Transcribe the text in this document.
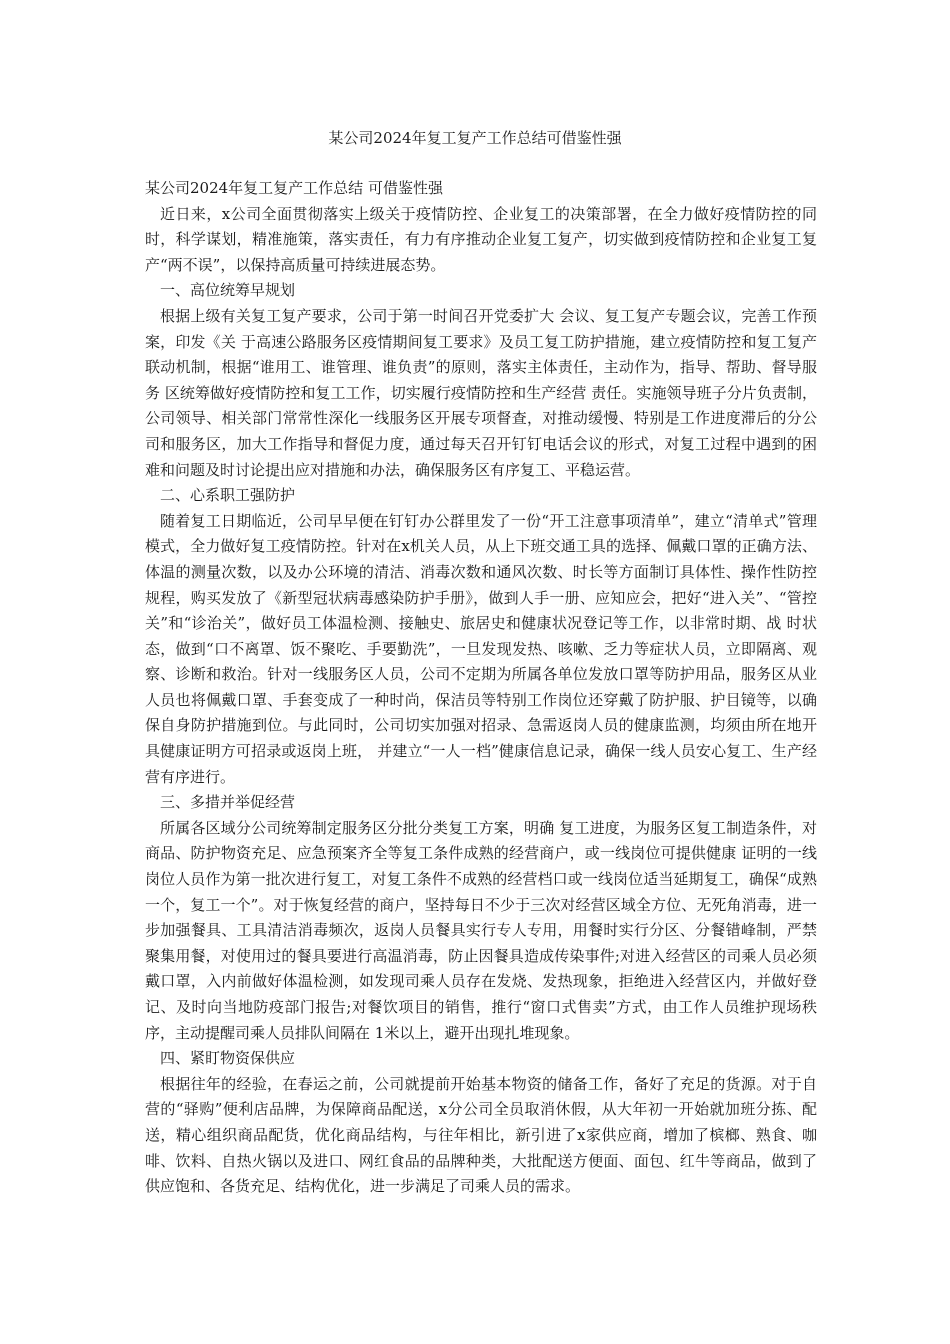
某公司2024年复工复产工作总结可借鉴性强

某公司2024年复工复产工作总结 可借鉴性强

近日来，x公司全面贯彻落实上级关于疫情防控、企业复工的决策部署，在全力做好疫情防控的同时，科学谋划，精准施策，落实责任，有力有序推动企业复工复产，切实做到疫情防控和企业复工复产“两不误”，以保持高质量可持续进展态势。

一、高位统筹早规划

根据上级有关复工复产要求，公司于第一时间召开党委扩大 会议、复工复产专题会议，完善工作预案，印发《关 于高速公路服务区疫情期间复工要求》及员工复工防护措施，建立疫情防控和复工复产联动机制，根据“谁用工、谁管理、谁负责”的原则，落实主体责任，主动作为，指导、帮助、督导服务 区统筹做好疫情防控和复工工作，切实履行疫情防控和生产经营 责任。实施领导班子分片负责制，公司领导、相关部门常常性深化一线服务区开展专项督查，对推动缓慢、特别是工作进度滞后的分公司和服务区，加大工作指导和督促力度，通过每天召开钉钉电话会议的形式，对复工过程中遇到的困难和问题及时讨论提出应对措施和办法，确保服务区有序复工、平稳运营。

二、心系职工强防护

随着复工日期临近，公司早早便在钉钉办公群里发了一份“开工注意事项清单”，建立“清单式”管理模式，全力做好复工疫情防控。针对在x机关人员，从上下班交通工具的选择、佩戴口罩的正确方法、体温的测量次数，以及办公环境的清洁、消毒次数和通风次数、时长等方面制订具体性、操作性防控规程，购买发放了《新型冠状病毒感染防护手册》，做到人手一册、应知应会，把好“进入关”、“管控关”和“诊治关”，做好员工体温检测、接触史、旅居史和健康状况登记等工作，以非常时期、战 时状态，做到“口不离罩、饭不聚吃、手要勤洗”，一旦发现发热、咳嗽、乏力等症状人员，立即隔离、观察、诊断和救治。针对一线服务区人员，公司不定期为所属各单位发放口罩等防护用品，服务区从业人员也将佩戴口罩、手套变成了一种时尚，保洁员等特别工作岗位还穿戴了防护服、护目镜等，以确保自身防护措施到位。与此同时，公司切实加强对招录、急需返岗人员的健康监测，均须由所在地开具健康证明方可招录或返岗上班， 并建立“一人一档”健康信息记录，确保一线人员安心复工、生产经营有序进行。

三、多措并举促经营

所属各区域分公司统筹制定服务区分批分类复工方案，明确 复工进度，为服务区复工制造条件，对商品、防护物资充足、应急预案齐全等复工条件成熟的经营商户，或一线岗位可提供健康 证明的一线岗位人员作为第一批次进行复工，对复工条件不成熟的经营档口或一线岗位适当延期复工，确保“成熟一个，复工一个”。对于恢复经营的商户，坚持每日不少于三次对经营区域全方位、无死角消毒，进一步加强餐具、工具清洁消毒频次，返岗人员餐具实行专人专用，用餐时实行分区、分餐错峰制，严禁聚集用餐，对使用过的餐具要进行高温消毒，防止因餐具造成传染事件;对进入经营区的司乘人员必须戴口罩，入内前做好体温检测，如发现司乘人员存在发烧、发热现象，拒绝进入经营区内，并做好登记、及时向当地防疫部门报告;对餐饮项目的销售，推行“窗口式售卖”方式，由工作人员维护现场秩序，主动提醒司乘人员排队间隔在 1米以上，避开出现扎堆现象。

四、紧盯物资保供应

根据往年的经验，在春运之前，公司就提前开始基本物资的储备工作，备好了充足的货源。对于自营的“驿购”便利店品牌，为保障商品配送，x分公司全员取消休假，从大年初一开始就加班分拣、配送，精心组织商品配货，优化商品结构，与往年相比，新引进了x家供应商，增加了槟榔、熟食、咖啡、饮料、自热火锅以及进口、网红食品的品牌种类，大批配送方便面、面包、红牛等商品，做到了供应饱和、各货充足、结构优化，进一步满足了司乘人员的需求。
